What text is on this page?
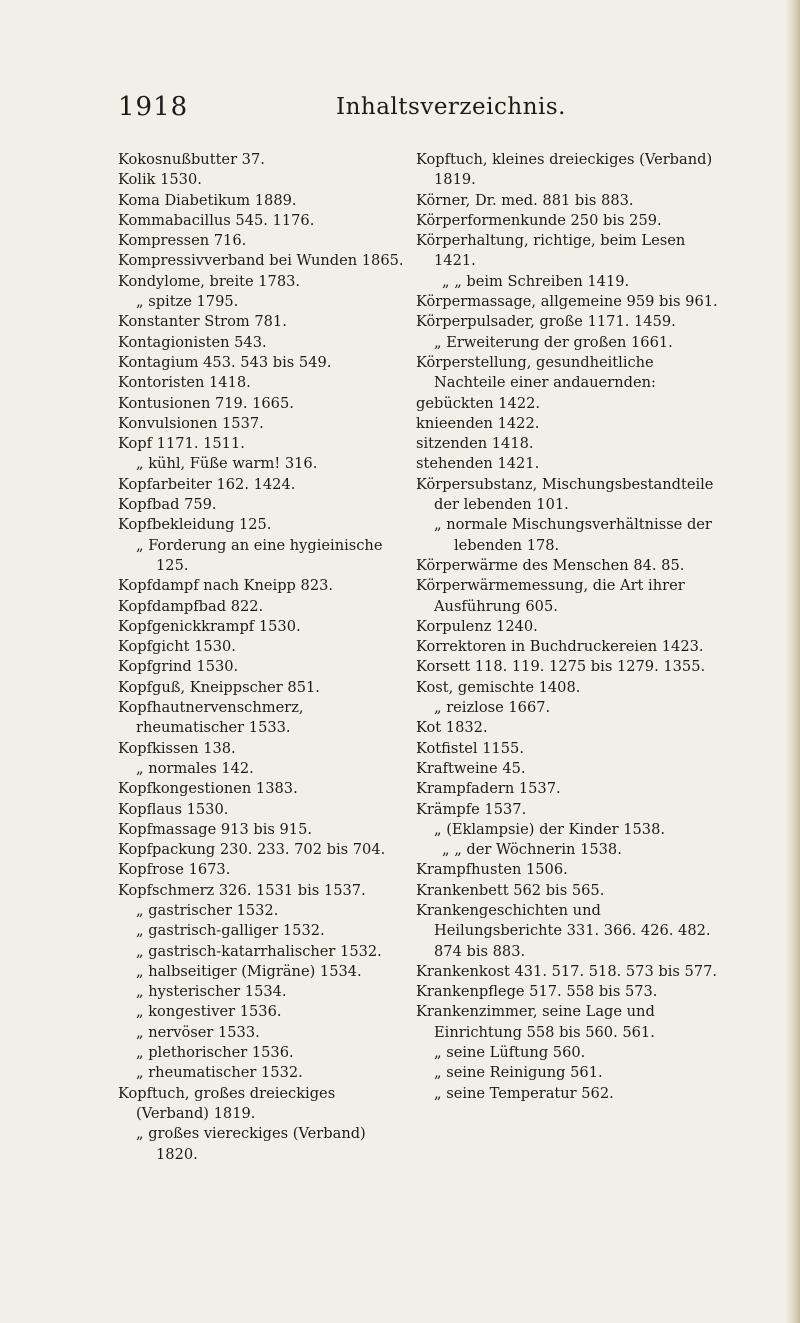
1918	Inhaltsverzeichnis.
Kokosnußbutter 37.
Kolik 1530.
Koma Diabetikum 1889.
Kommabacillus 545. 1176.
Kompressen 716.
Kompressivverband bei Wunden 1865.
Kondylome, breite 1783.
„ spitze 1795.
Konstanter Strom 781.
Kontagionisten 543.
Kontagium 453. 543 bis 549.
Kontoristen 1418.
Kontusionen 719. 1665.
Konvulsionen 1537.
Kopf 1171. 1511.
„ kühl, Füße warm! 316.
Kopfarbeiter 162. 1424.
Kopfbad 759.
Kopfbekleidung 125.
„ Forderung an eine hygieinische 125.
Kopfdampf nach Kneipp 823.
Kopfdampfbad 822.
Kopfgenickkrampf 1530.
Kopfgicht 1530.
Kopfgrind 1530.
Kopfguß, Kneippscher 851.
Kopfhautnervenschmerz, rheumatischer 1533.
Kopfkissen 138.
„ normales 142.
Kopfkongestionen 1383.
Kopflaus 1530.
Kopfmassage 913 bis 915.
Kopfpackung 230. 233. 702 bis 704.
Kopfrose 1673.
Kopfschmerz 326. 1531 bis 1537.
„ gastrischer 1532.
„ gastrisch-galliger 1532.
„ gastrisch-katarrhalischer 1532.
„ halbseitiger (Migräne) 1534.
„ hysterischer 1534.
„ kongestiver 1536.
„ nervöser 1533.
„ plethorischer 1536.
„ rheumatischer 1532.
Kopftuch, großes dreieckiges (Verband) 1819.
„ großes viereckiges (Verband) 1820.
Kopftuch, kleines dreieckiges (Verband) 1819.
Körner, Dr. med. 881 bis 883.
Körperformenkunde 250 bis 259.
Körperhaltung, richtige, beim Lesen 1421.
„ „ beim Schreiben 1419.
Körpermassage, allgemeine 959 bis 961.
Körperpulsader, große 1171. 1459.
„ Erweiterung der großen 1661.
Körperstellung, gesundheitliche Nachteile einer andauernden:
gebückten 1422.
knieenden 1422.
sitzenden 1418.
stehenden 1421.
Körpersubstanz, Mischungsbestandteile der lebenden 101.
„ normale Mischungsverhältnisse der lebenden 178.
Körperwärme des Menschen 84. 85.
Körperwärmemessung, die Art ihrer Ausführung 605.
Korpulenz 1240.
Korrektoren in Buchdruckereien 1423.
Korsett 118. 119. 1275 bis 1279. 1355.
Kost, gemischte 1408.
„ reizlose 1667.
Kot 1832.
Kotfistel 1155.
Kraftweine 45.
Krampfadern 1537.
Krämpfe 1537.
„ (Eklampsie) der Kinder 1538.
„ „ der Wöchnerin 1538.
Krampfhusten 1506.
Krankenbett 562 bis 565.
Krankengeschichten und Heilungsberichte 331. 366. 426. 482. 874 bis 883.
Krankenkost 431. 517. 518. 573 bis 577.
Krankenpflege 517. 558 bis 573.
Krankenzimmer, seine Lage und Einrichtung 558 bis 560. 561.
„ seine Lüftung 560.
„ seine Reinigung 561.
„ seine Temperatur 562.
